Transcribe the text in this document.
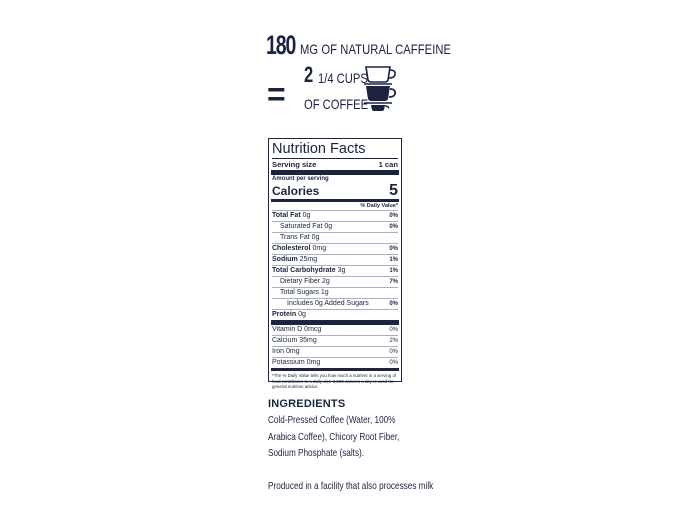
180 MG OF NATURAL CAFFEINE
=
2 1/4 CUPS
OF COFFEE
Nutrition Facts
Serving size	1 can
Amount per serving
Calories	5
% Daily Value*
Total Fat 0g	0%
Saturated Fat 0g	0%
Trans Fat 0g
Cholesterol 0mg	0%
Sodium 25mg	1%
Total Carbohydrate 3g	1%
Dietary Fiber 2g	7%
Total Sugars 1g
Includes 0g Added Sugars	0%
Protein 0g
Vitamin D 0mcg	0%
Calcium 35mg	2%
Iron 0mg	0%
Potassium 0mg	0%
*The % Daily Value tells you how much a nutrient in a serving of food contributes to a daily diet. 2,000 calories a day is used for general nutrition advice.
INGREDIENTS
Cold-Pressed Coffee (Water, 100% Arabica Coffee), Chicory Root Fiber, Sodium Phosphate (salts).
Produced in a facility that also processes milk
